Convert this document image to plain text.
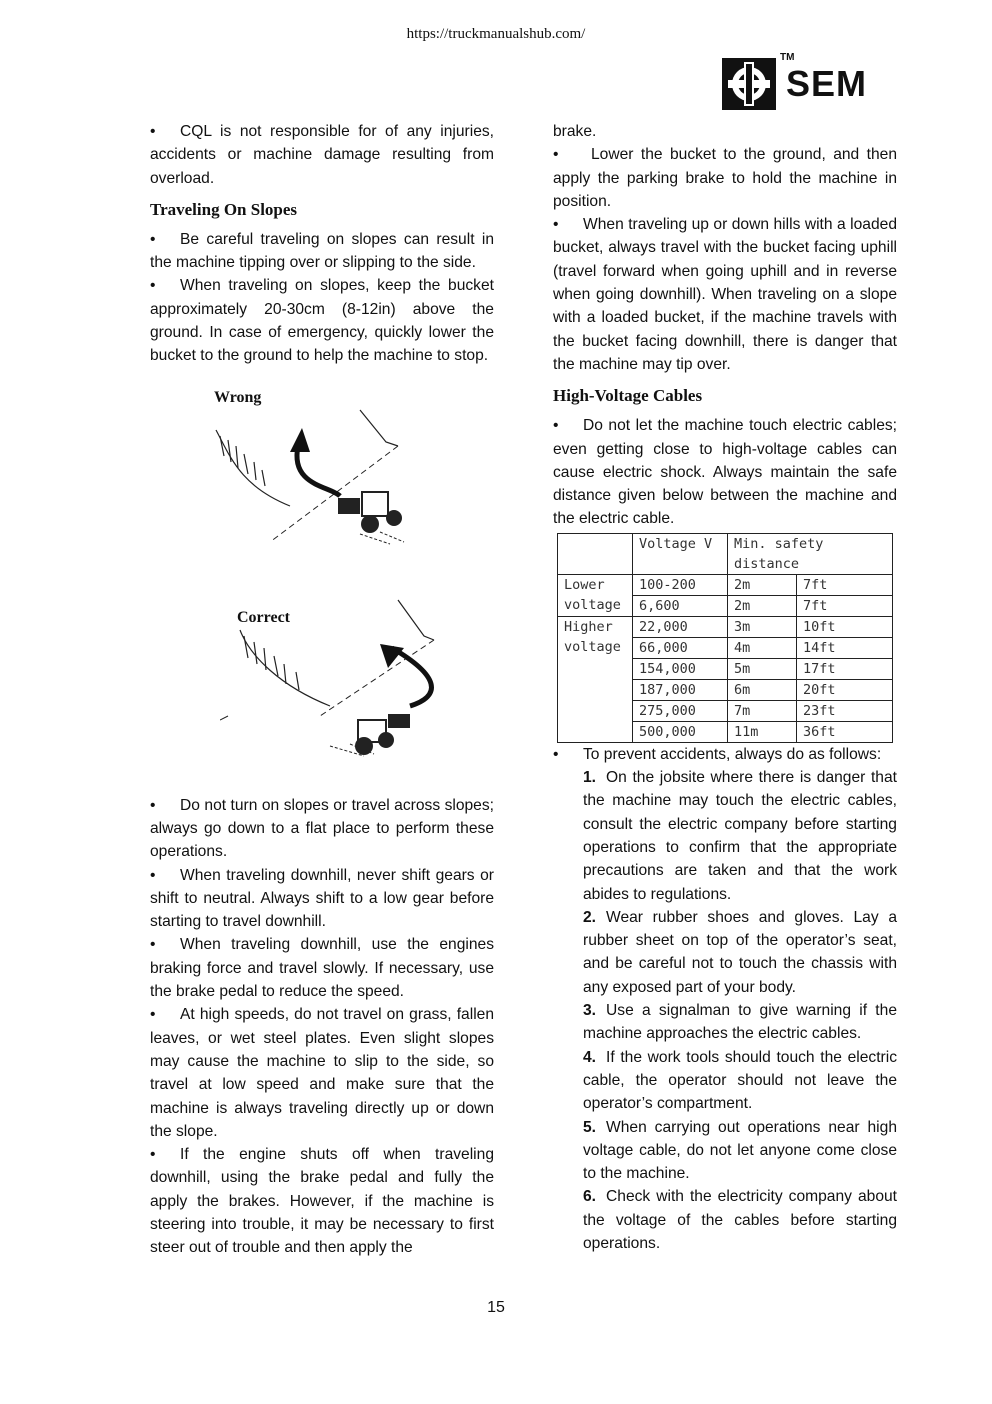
https://truckmanualshub.com/
TM
SEM

• CQL is not responsible for of any injuries, accidents or machine damage resulting from overload.

Traveling On Slopes

• Be careful traveling on slopes can result in the machine tipping over or slipping to the side.

• When traveling on slopes, keep the bucket approximately 20-30cm (8-12in) above the ground. In case of emergency, quickly lower the bucket to the ground to help the machine to stop.

Wrong
Correct

• Do not turn on slopes or travel across slopes; always go down to a flat place to perform these operations.

• When traveling downhill, never shift gears or shift to neutral. Always shift to a low gear before starting to travel downhill.

• When traveling downhill, use the engines braking force and travel slowly. If necessary, use the brake pedal to reduce the speed.

• At high speeds, do not travel on grass, fallen leaves, or wet steel plates. Even slight slopes may cause the machine to slip to the side, so travel at low speed and make sure that the machine is always traveling directly up or down the slope.

• If the engine shuts off when traveling downhill, using the brake pedal and fully the apply the brakes. However, if the machine is steering into trouble, it may be necessary to first steer out of trouble and then apply the

brake.

• Lower the bucket to the ground, and then apply the parking brake to hold the machine in position.

• When traveling up or down hills with a loaded bucket, always travel with the bucket facing uphill (travel forward when going uphill and in reverse when going downhill). When traveling on a slope with a loaded bucket, if the machine travels with the bucket facing downhill, there is danger that the machine may tip over.

High-Voltage Cables

• Do not let the machine touch electric cables; even getting close to high-voltage cables can cause electric shock. Always maintain the safe distance given below between the machine and the electric cable.

	Voltage V	Min. safety distance	
Lower voltage	100-200	2m	7ft
	6,600	2m	7ft
Higher voltage	22,000	3m	10ft
	66,000	4m	14ft
	154,000	5m	17ft
	187,000	6m	20ft
	275,000	7m	23ft
	500,000	11m	36ft

• To prevent accidents, always do as follows:

1. On the jobsite where there is danger that the machine may touch the electric cables, consult the electric company before starting operations to confirm that the appropriate precautions are taken and that the work abides to regulations.
2. Wear rubber shoes and gloves. Lay a rubber sheet on top of the operator’s seat, and be careful not to touch the chassis with any exposed part of your body.
3. Use a signalman to give warning if the machine approaches the electric cables.
4. If the work tools should touch the electric cable, the operator should not leave the operator’s compartment.
5. When carrying out operations near high voltage cable, do not let anyone come close to the machine.
6. Check with the electricity company about the voltage of the cables before starting operations.
15
